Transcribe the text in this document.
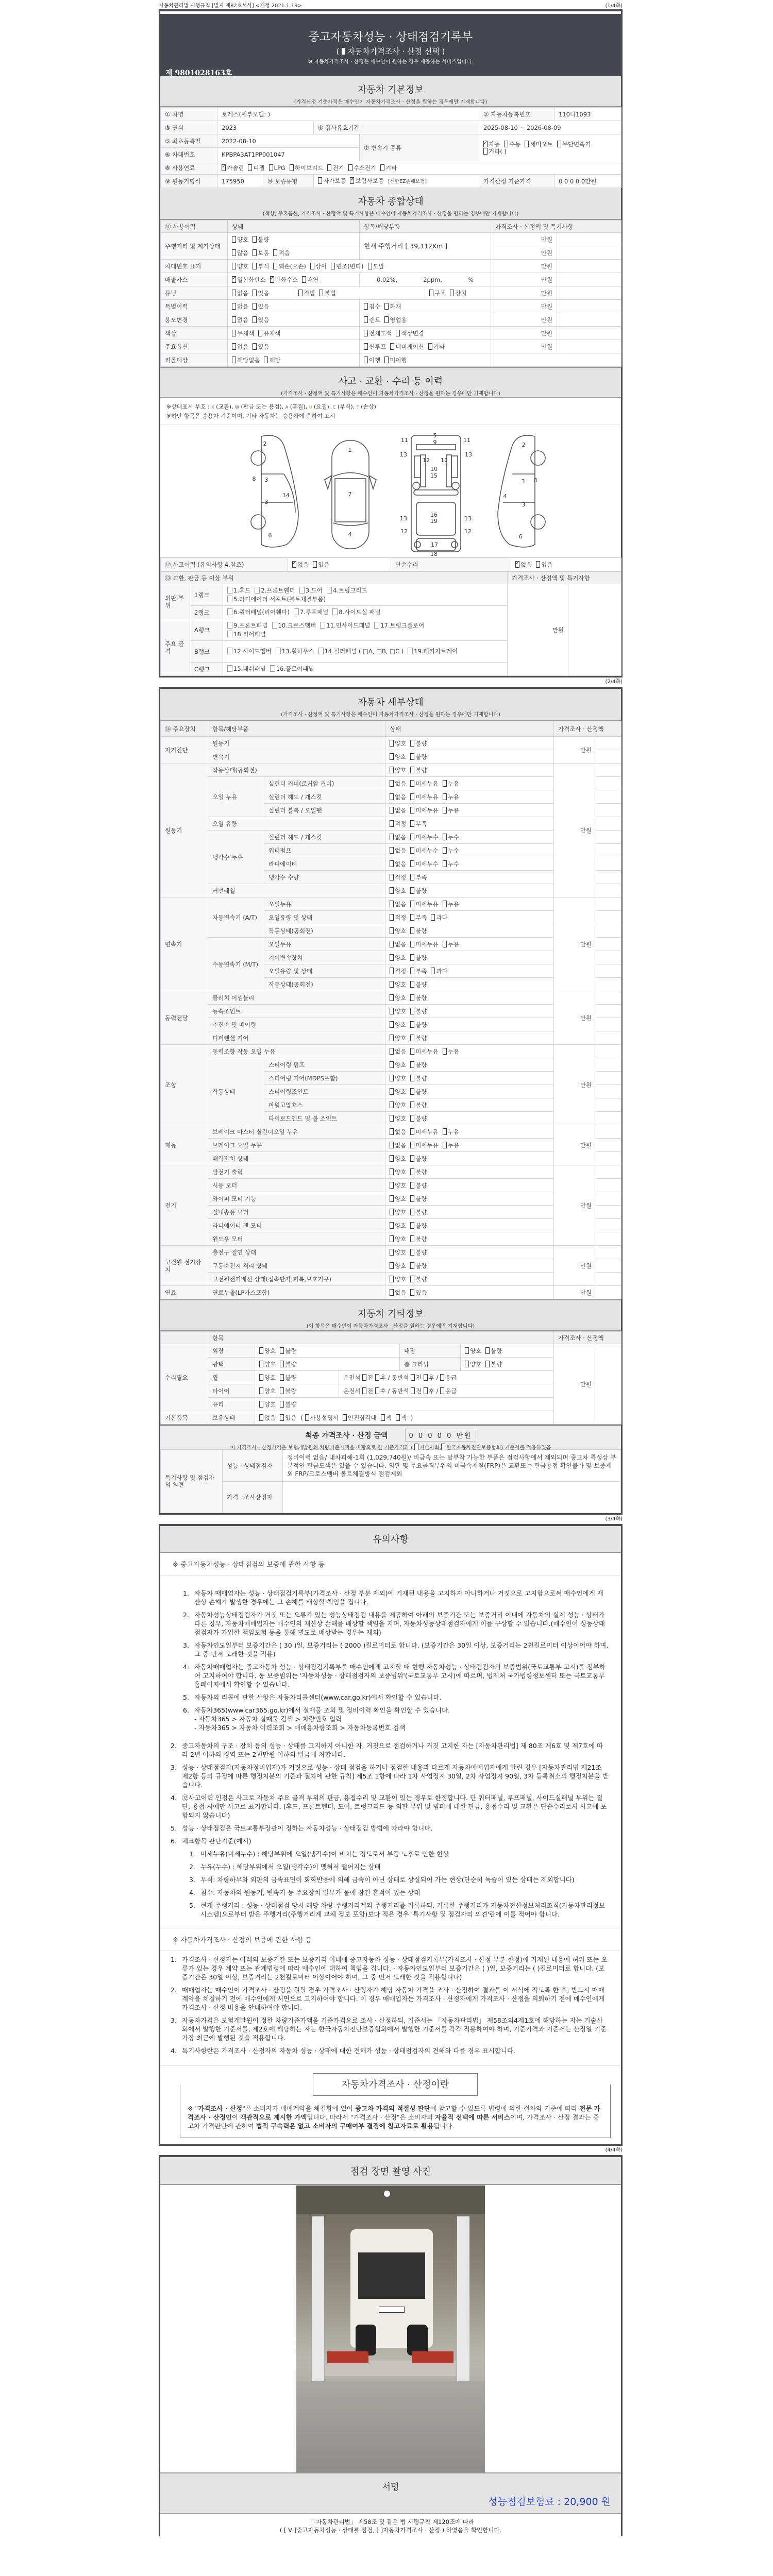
자동차관리법 시행규칙 [별지 제82호서식] <개정 2021.1.19>	(1/4쪽)
중고자동차성능 · 상태점검기록부
( 자동차가격조사 · 산정 선택 )
※ 자동차가격조사 · 산정은 매수인이 원하는 경우 제공하는 서비스입니다.
제 9801028163호
자동차 기본정보
(가격산정 기준가격은 매수인이 자동차가격조사 · 산정을 원하는 경우에만 기재합니다)
① 차명	토레스(세부모델: )				② 자동차등록번호	110나1093
③ 연식	2023		④ 검사유효기간		2025-08-10 ~ 2026-08-09	
⑤ 최초등록일	2022-08-10			⑦ 변속기 종류	✓자동 수동 세미오토 무단변속기기타( )
⑥ 차대번호	KPBPA3AT1PP001047					
⑧ 사용연료	✓가솔린 디젤 LPG 하이브리드 전기 수소전기 기타
⑨ 원동기형식	175950	⑩ 보증유형	자가보증 ✓ 보험사보증 [신한EZ손해보험]		가격산정 기준가격	0 0 0 0 0만원
자동차 종합상태
(색상, 주요옵션, 가격조사 · 산정액 및 특기사항은 매수인이 자동차가격조사 · 산정을 원하는 경우에만 기재합니다)
⑪ 사용이력	상태		항목/해당부품		가격조사 · 산정액 및 특기사항	
주행거리 및 계기상태	양호 불량		현재 주행거리 [ 39,112Km ]		만원	
	많음 보통 적음				만원	
차대번호 표기	양호 부식 훼손(오손) 상이 변조(변타) 도말				만원	
배출가스	✓일산화탄소 ✓ 탄화수소 매연		0.02%, 2ppm, %		만원	
튜닝	없음 있음	적법 불법		구조 장치	만원	
특별이력	없음 있음		침수 화재		만원	
용도변경	없음 있음		렌트 영업용		만원	
색상	무채색 유채색		전체도색 색상변경		만원	
주요옵션	없음 있음		썬루프 네비게이션 기타		만원	
리콜대상	해당없음 해당		이행 미이행			
사고 · 교환 · 수리 등 이력
(가격조사 · 산정액 및 특기사항은 매수인이 자동차가격조사 · 산정을 원하는 경우에만 기재합니다)
※상태표시 부호 : X (교환), W (판금 또는 용접), A (흠집), U (요철), C (부식), T (손상)
※하단 항목은 승용차 기준이며, 기타 자동차는 승용차에 준하여 표시
2
8 3
3
14
6
1
7
4
5
9
11	11
13	13
12 12
10
15
16
13	13
19
17
12	12
18
2
3 8
4
3
6
⑫ 사고이력 (유의사항 4.참조)	✓없음 있음	단순수리	✓없음 있음
⑬ 교환, 판금 등 이상 부위			가격조사 · 산정액 및 특기사항	
외판 부위	1랭크	1.후드 2.프론트휀더 3.도어 4.트렁크리드
5.라디에이터 서포트(볼트체결부품)	만원	
	2랭크	6.쿼터패널(리어휀다) 7.루프패널 8.사이드실 패널		
주요 골격	A랭크	9.프론트패널 10.크로스멤버 11.인사이드패널 17.트렁크플로어
18.리어패널		
	B랭크	12.사이드멤버 13.휠하우스 14.필러패널 ( □A, □B, □C ) 19.패키지트레이		

	C랭크	15.대쉬패널 16.플로어패널		
(2/4쪽)
자동차 세부상태
(가격조사 · 산정액 및 특기사항은 매수인이 자동차가격조사 · 산정을 원하는 경우에만 기재합니다)
⑭ 주요장치	항목/해당부품		상태	가격조사 · 산정액	
자기진단	원동기		양호 불량	만원	
	변속기		양호 불량		
원동기	작동상태(공회전)		양호 불량	만원	
	오일 누유	실린더 커버(로커암 커버)	없음 미세누유 누유		
		실린더 헤드 / 개스킷	없음 미세누유 누유		
		실린더 블록 / 오일팬	없음 미세누유 누유		
	오일 유량		적정 부족		
	냉각수 누수	실린더 헤드 / 개스킷	없음 미세누수 누수		
		워터펌프	없음 미세누수 누수		
		라디에이터	없음 미세누수 누수		
		냉각수 수량	적정 부족		
	커먼레일		양호 불량		
변속기	자동변속기 (A/T)	오일누유	없음 미세누유 누유	만원	
		오일유량 및 상태	적정 부족 과다		
		작동상태(공회전)	양호 불량		
	수동변속기 (M/T)	오일누유	없음 미세누유 누유		
		기어변속장치	양호 불량		
		오일유량 및 상태	적정 부족 과다		
		작동상태(공회전)	양호 불량		
동력전달	클러치 어셈블리		양호 불량	만원	
	등속조인트		양호 불량		
	추진축 및 베어링		양호 불량		
	디퍼렌셜 기어		양호 불량		
조향	동력조향 작동 오일 누유		없음 미세누유 누유	만원	
	작동상태	스티어링 펌프	양호 불량		
		스티어링 기어(MDPS포함)	양호 불량		
		스티어링조인트	양호 불량		
		파워고압호스	양호 불량		
		타이로드엔드 및 볼 조인트	양호 불량		
제동	브레이크 마스터 실린더오일 누유		없음 미세누유 누유	만원	
	브레이크 오일 누유		없음 미세누유 누유		
	배력장치 상태		양호 불량		
전기	발전기 출력		양호 불량	만원	
	시동 모터		양호 불량		
	와이퍼 모터 기능		양호 불량		
	실내송풍 모터		양호 불량		
	라디에이터 팬 모터		양호 불량		
	윈도우 모터		양호 불량		
고전원 전기장치	충전구 절연 상태		양호 불량	만원	
	구동축전지 격리 상태		양호 불량		
	고전원전기배선 상태(접속단자,피복,보호기구)		양호 불량		
연료	연료누출(LP가스포함)		없음 있음	만원	
자동차 기타정보
(이 항목은 매수인이 자동차가격조사 · 산정을 원하는 경우에만 기재합니다)
	항목					가격조사 · 산정액	
수리필요	외장	양호 불량		내장	양호 불량	만원	
	광택	양호 불량		룸 크리닝	양호 불량		
	휠	양호 불량	운전석 전 후 / 동반석 전 후 / 응급				
	타이어	양호 불량	운전석 전 후 / 동반석 전 후 / 응급				
	유리	양호 불량					
기본품목	보유상태	없음 있음 ( 사용설명서 안전삼각대 잭 잭 )					
최종 가격조사 · 산정 금액	0 0 0 0 0 만원
이 가격조사 · 산정가격은 보험개발원의 차량기준가액을 바탕으로 한 기준가격과 ( 기술사회, 한국자동차진단보증협회) 기준서를 적용하였음
특기사항 및 점검자의 의견	성능 · 상태점검자	정비이력 없음/ 내차피해-1회 (1,029,740원)/ 비금속 또는 탈부착 가능한 부품은 점검사항에서 제외되며 중고차 특성상 부분적인 판금도색은 있을 수 있습니다. 외판 및 주요골격부위의 비금속재질(FRP)은 교환또는 판금용접 확인불가 및 보증제외 FRP/크로스멤버 볼트체결방식 점검제외
	가격 · 조사산정자	
(3/4쪽)
유의사항
※ 중고자동차성능 · 상태점검의 보증에 관한 사항 등
1. 자동차 매매업자는 성능 · 상태점검기록부(가격조사 · 산정 부분 제외)에 기재된 내용을 고지하지 아니하거나 거짓으로 고지함으로써 매수인에게 재산상 손해가 발생한 경우에는 그 손해를 배상할 책임을 집니다.
2. 자동차성능상태점검자가 거짓 또는 오류가 있는 성능상태점검 내용을 제공하여 아래의 보증기간 또는 보증거리 이내에 자동차의 실제 성능 · 상태가 다른 경우, 자동차매매업자는 매수인의 재산상 손해를 배상할 책임을 지며, 자동차성능상태점검자에게 이를 구상할 수 있습니다.(매수인이 성능상태점검자가 가입한 책임보험 등을 통해 별도로 배상받는 경우는 제외)
3. 자동차인도일부터 보증기간은 ( 30 )일, 보증거리는 ( 2000 )킬로미터로 합니다. (보증기간은 30일 이상, 보증거리는 2천킬로미터 이상이어야 하며, 그 중 먼저 도래한 것을 적용)
4. 자동차매매업자는 중고자동차 성능 · 상태점검기록부를 매수인에게 고지할 때 현행 자동차성능 · 상태점검자의 보증범위(국토교통부 고시)를 첨부하여 고지하여야 합니다. 동 보증범위는 '자동차성능 · 상태점검자의 보증범위'(국토교통부 고시)에 따르며, 법제처 국가법령정보센터 또는 국토교통부 홈페이지에서 확인할 수 있습니다.
5. 자동차의 리콜에 관한 사항은 자동차리콜센터(www.car.go.kr)에서 확인할 수 있습니다.
6. 자동차365(www.car365.go.kr)에서 실매물 조회 및 정비이력 확인을 확인할 수 있습니다.
- 자동차365 > 자동차 실매물 검색 > 차량번호 입력
- 자동차365 > 자동차 이력조회 > 매매용차량조회 > 자동차등록번호 검색
2. 중고자동차의 구조 · 장치 등의 성능 · 상태를 고지하지 아니한 자, 거짓으로 점검하거나 거짓 고지한 자는 [자동차관리법] 제 80조 제6호 및 제7호에 따라 2년 이하의 징역 또는 2천만원 이하의 벌금에 처합니다.
3. 성능 · 상태점검자(자동차정비업자)가 거짓으로 성능 · 상태 점검을 하거나 점검한 내용과 다르게 자동차매매업자에게 알린 경우 [자동차관리법 제21조 제2항 등의 규정에 따른 행정처분의 기준과 절차에 관한 규칙] 제5조 1항에 따라 1차 사업정지 30일, 2차 사업정지 90일, 3차 등록취소의 행정처분을 받습니다.
4. ⑫사고이력 인정은 사고로 자동차 주요 골격 부위의 판금, 용접수리 및 교환이 있는 경우로 한정합니다. 단 쿼터패널, 루프패널, 사이드실패널 부위는 절단, 용접 시에만 사고로 표기합니다. (후드, 프론트펜더, 도어, 트렁크리드 등 외판 부위 및 범퍼에 대한 판금, 용접수리 및 교환은 단순수리로서 사고에 포함되지 않습니다)
5. 성능 · 상태점검은 국토교통부장관이 정하는 자동차성능 · 상태점검 방법에 따라야 합니다.
6. 체크항목 판단기준(예시)
1. 미세누유(미세누수) : 해당부위에 오일(냉각수)이 비치는 정도로서 부품 노후로 인한 현상
2. 누유(누수) : 해당부위에서 오일(냉각수)이 맺혀서 떨어지는 상태
3. 부식: 차량하부와 외판의 금속표면이 화학반응에 의해 금속이 아닌 상태로 상실되어 가는 현상(단순히 녹슬어 있는 상태는 제외합니다)
4. 침수: 자동차의 원동기, 변속기 등 주요장치 일부가 물에 잠긴 흔적이 있는 상태
5. 현재 주행거리 : 성능 · 상태점검 당시 해당 차량 주행거리계의 주행거리를 기록하되, 기록한 주행거리가 자동차전산정보처리조직(자동차관리정보시스템)으로부터 받은 주행거리(주행거리계 교체 정보 포함)보다 적은 경우 '특기사항 및 점검자의 의견'란에 이를 적어야 합니다.
※ 자동차가격조사 · 산정의 보증에 관한 사항 등
1. 가격조사 · 산정자는 아래의 보증기간 또는 보증거리 이내에 중고자동차 성능 · 상태점검기록부(가격조사 · 산정 부분 한정)에 기재된 내용에 허위 또는 오류가 있는 경우 계약 또는 관계법령에 따라 매수인에 대하여 책임을 집니다. · 자동차인도일부터 보증기간은 ( )일, 보증거리는 ( )킬로미터로 합니다. (보증기간은 30일 이상, 보증거리는 2천킬로미터 이상이어야 하며, 그 중 먼저 도래한 것을 적용합니다)
2. 매매업자는 매수인이 가격조사 · 산정을 원할 경우 가격조사 · 산정자가 해당 자동차 가격을 조사 · 산정하여 결과를 이 서식에 적도록 한 후, 반드시 매매계약을 체결하기 전에 매수인에게 서면으로 고지하여야 합니다. 이 경우 매매업자는 가격조사 · 산정자에게 가격조사 · 산정을 의뢰하기 전에 매수인에게 가격조사 · 산정 비용을 안내하여야 합니다.
3. 자동차가격은 보험개발원이 정한 차량기준가액을 기준가격으로 조사 · 산정하되, 기준서는 「자동차관리법」 제58조의4제1호에 해당하는 자는 기술사회에서 발행한 기준서를, 제2호에 해당하는 자는 한국자동차진단보증협회에서 발행한 기준서를 각각 적용하여야 하며, 기준가격과 기준서는 산정일 기준 가장 최근에 발행된 것을 적용합니다.
4. 특기사항란은 가격조사 · 산정자의 자동차 성능 · 상태에 대한 견해가 성능 · 상태점검자의 견해와 다를 경우 표시합니다.
자동차가격조사 · 산정이란
※ "가격조사 · 산정"은 소비자가 매매계약을 체결함에 있어 중고차 가격의 적절성 판단에 참고할 수 있도록 법령에 의한 절차와 기준에 따라 전문 가격조사 · 산정인이 객관적으로 제시한 가액입니다. 따라서 "가격조사 · 산정"은 소비자의 자율적 선택에 따른 서비스이며, 가격조사 · 산정 결과는 중고차 가격판단에 관하여 법적 구속력은 없고 소비자의 구매여부 결정에 참고자료로 활용됩니다.
(4/4쪽)
점검 장면 촬영 사진
서명
성능점검보험료 : 20,900 원
「「자동차관리법」 제58조 및 같은 법 시행규칙 제120조에 따라
( [ V ]중고자동차성능 · 상태를 점검, [ ]자동차가격조사 · 산정 ) 하였음을 확인합니다.
